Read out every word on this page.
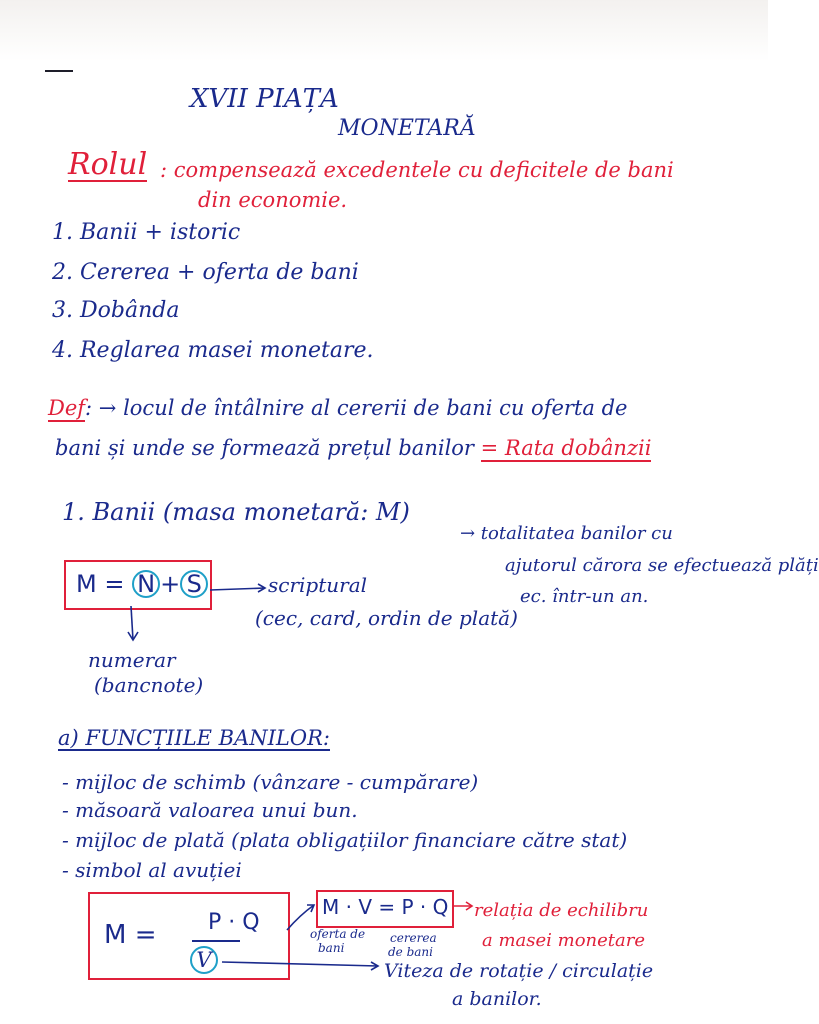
XVII PIAȚA
MONETARĂ
Rolul : compensează excedentele cu deficitele de bani
din economie.
1. Banii + istoric
2. Cererea + oferta de bani
3. Dobânda
4. Reglarea masei monetare.
Def: → locul de întâlnire al cererii de bani cu oferta de
bani și unde se formează prețul banilor = Rata dobânzii
1. Banii (masa monetară: M)
→ totalitatea banilor cu
ajutorul cărora se efectuează plăți
ec. într-un an.
M = N + S	scriptural
(cec, card, ordin de plată)
numerar
(bancnote)
a) FUNCȚIILE BANILOR:
- mijloc de schimb (vânzare - cumpărare)
- măsoară valoarea unui bun.
- mijloc de plată (plata obligațiilor financiare către stat)
- simbol al avuției
M = P · Q
V
M · V = P · Q
oferta de
bani
cererea
de bani
relația de echilibru
a masei monetare
Viteza de rotație / circulație
a banilor.
